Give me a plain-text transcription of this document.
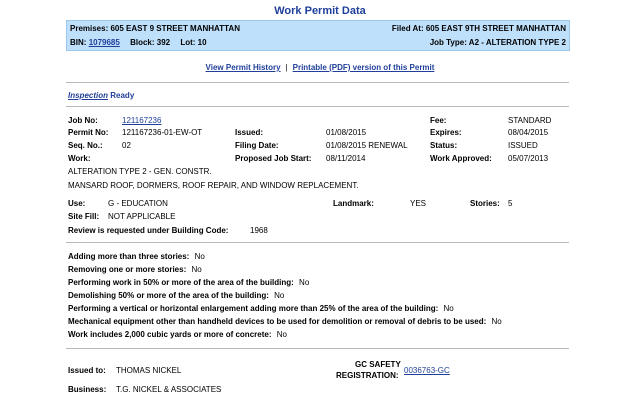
Work Permit Data
Premises: 605 EAST 9 STREET MANHATTAN	Filed At: 605 EAST 9TH STREET MANHATTAN
BIN: 1079685 Block: 392 Lot: 10	Job Type: A2 - ALTERATION TYPE 2
View Permit History | Printable (PDF) version of this Permit
Inspection Ready
Job No:	121167236	Fee:	STANDARD
Permit No: 121167236-01-EW-OT	Issued:	01/08/2015	Expires:	08/04/2015
Seq. No.: 02	Filing Date:	01/08/2015 RENEWAL	Status:	ISSUED
Work:	Proposed Job Start: 08/11/2014	Work Approved: 05/07/2013
ALTERATION TYPE 2 - GEN. CONSTR.
MANSARD ROOF, DORMERS, ROOF REPAIR, AND WINDOW REPLACEMENT.
Use:	G - EDUCATION	Landmark:	YES	Stories: 5
Site Fill: NOT APPLICABLE
Review is requested under Building Code:	1968
Adding more than three stories: No
Removing one or more stories: No
Performing work in 50% or more of the area of the building: No
Demolishing 50% or more of the area of the building: No
Performing a vertical or horizontal enlargement adding more than 25% of the area of the building: No
Mechanical equipment other than handheld devices to be used for demolition or removal of debris to be used: No
Work includes 2,000 cubic yards or more of concrete: No
Issued to: THOMAS NICKEL
GC SAFETY
REGISTRATION:
0036763-GC
Business: T.G. NICKEL & ASSOCIATES
